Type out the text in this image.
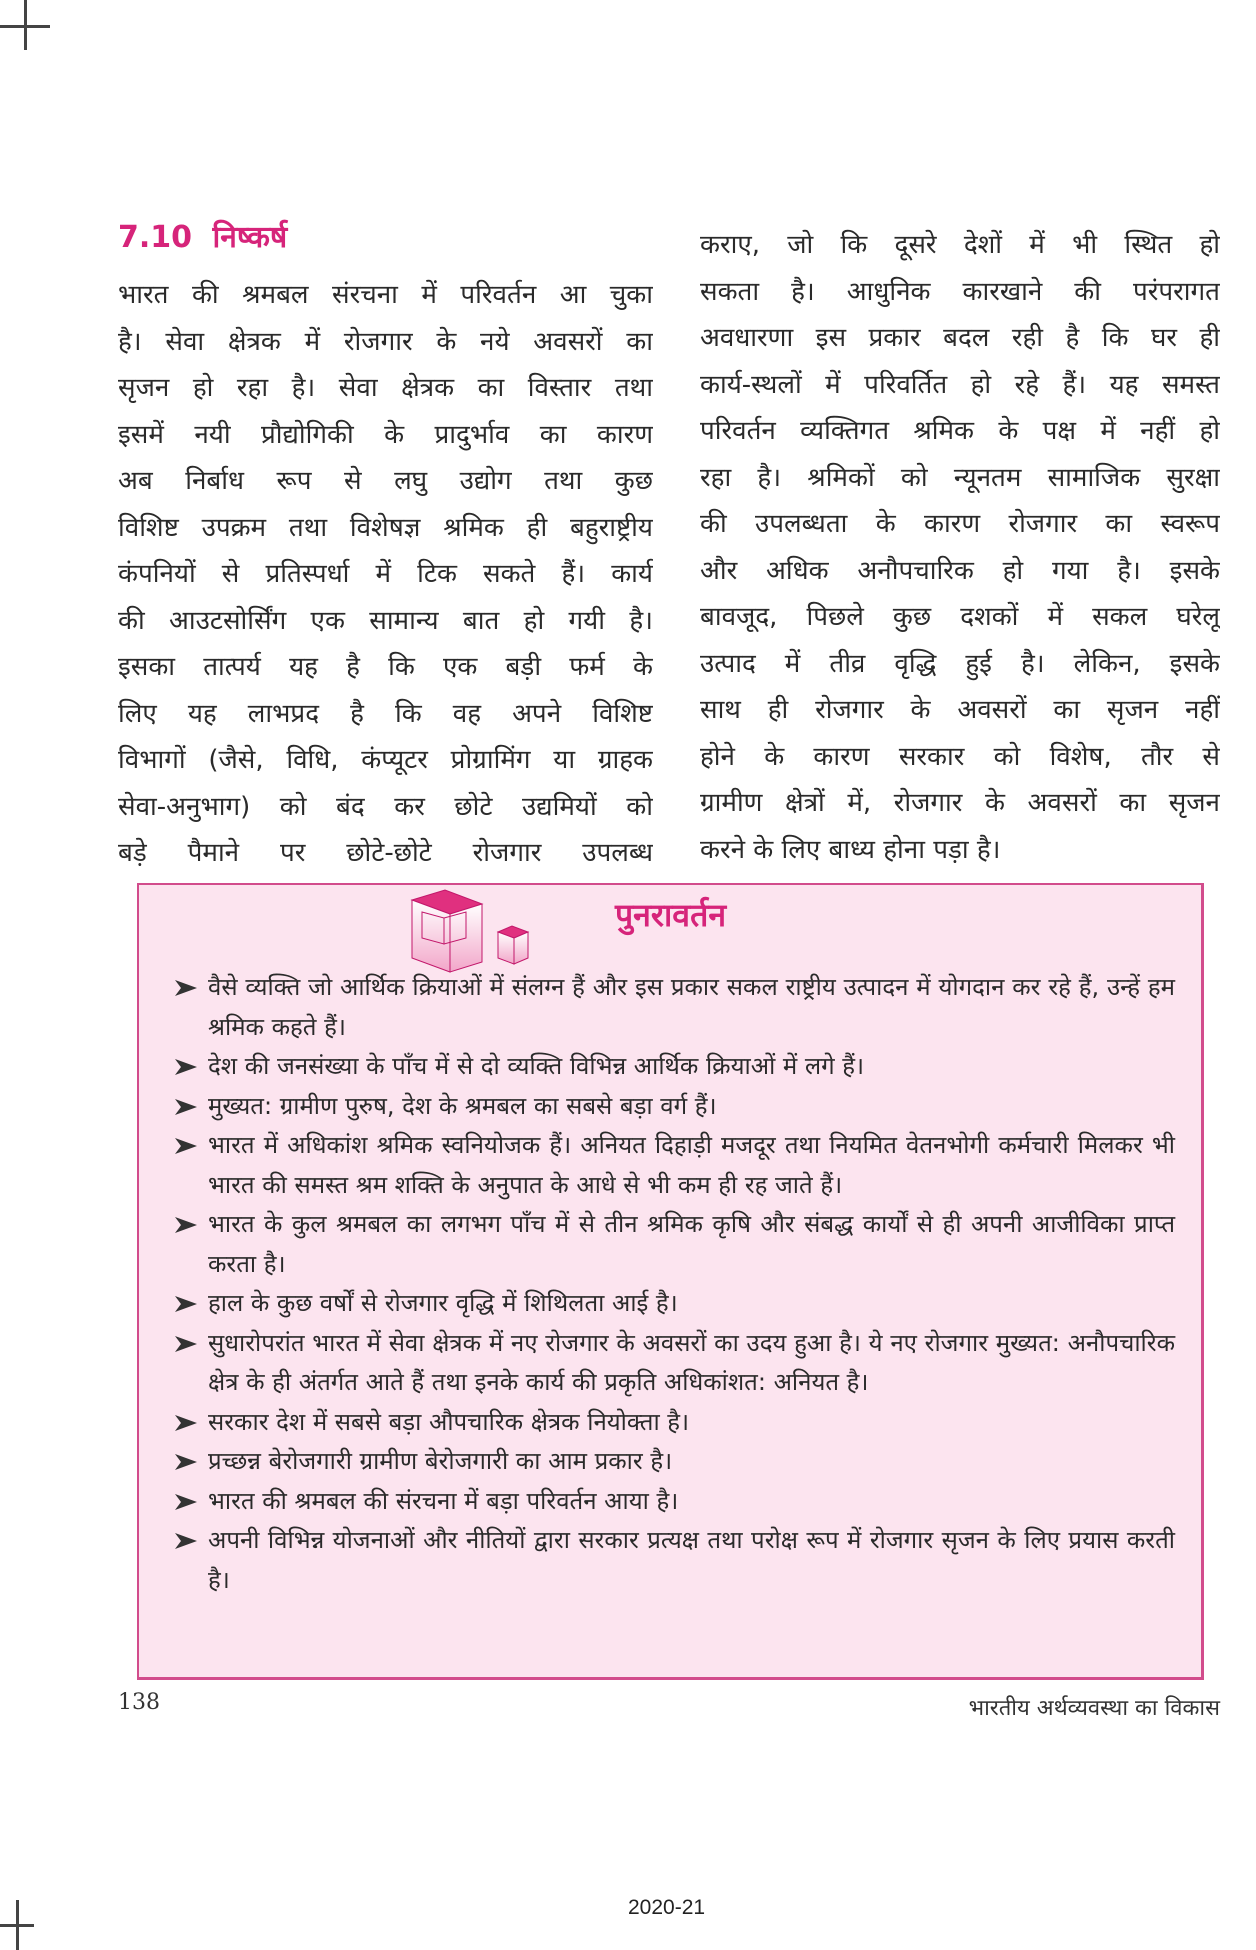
7.10 निष्कर्ष
भारत की श्रमबल संरचना में परिवर्तन आ चुका
है। सेवा क्षेत्रक में रोजगार के नये अवसरों का
सृजन हो रहा है। सेवा क्षेत्रक का विस्तार तथा
इसमें नयी प्रौद्योगिकी के प्रादुर्भाव का कारण
अब निर्बाध रूप से लघु उद्योग तथा कुछ
विशिष्ट उपक्रम तथा विशेषज्ञ श्रमिक ही बहुराष्ट्रीय
कंपनियों से प्रतिस्पर्धा में टिक सकते हैं। कार्य
की आउटसोर्सिंग एक सामान्य बात हो गयी है।
इसका तात्पर्य यह है कि एक बड़ी फर्म के
लिए यह लाभप्रद है कि वह अपने विशिष्ट
विभागों (जैसे, विधि, कंप्यूटर प्रोग्रामिंग या ग्राहक
सेवा-अनुभाग) को बंद कर छोटे उद्यमियों को
बड़े पैमाने पर छोटे-छोटे रोजगार उपलब्ध
कराए, जो कि दूसरे देशों में भी स्थित हो
सकता है। आधुनिक कारखाने की परंपरागत
अवधारणा इस प्रकार बदल रही है कि घर ही
कार्य-स्थलों में परिवर्तित हो रहे हैं। यह समस्त
परिवर्तन व्यक्तिगत श्रमिक के पक्ष में नहीं हो
रहा है। श्रमिकों को न्यूनतम सामाजिक सुरक्षा
की उपलब्धता के कारण रोजगार का स्वरूप
और अधिक अनौपचारिक हो गया है। इसके
बावजूद, पिछले कुछ दशकों में सकल घरेलू
उत्पाद में तीव्र वृद्धि हुई है। लेकिन, इसके
साथ ही रोजगार के अवसरों का सृजन नहीं
होने के कारण सरकार को विशेष, तौर से
ग्रामीण क्षेत्रों में, रोजगार के अवसरों का सृजन
करने के लिए बाध्य होना पड़ा है।
पुनरावर्तन
वैसे व्यक्ति जो आर्थिक क्रियाओं में संलग्न हैं और इस प्रकार सकल राष्ट्रीय उत्पादन में योगदान कर रहे हैं, उन्हें हम श्रमिक कहते हैं।
देश की जनसंख्या के पाँच में से दो व्यक्ति विभिन्न आर्थिक क्रियाओं में लगे हैं।
मुख्यत: ग्रामीण पुरुष, देश के श्रमबल का सबसे बड़ा वर्ग हैं।
भारत में अधिकांश श्रमिक स्वनियोजक हैं। अनियत दिहाड़ी मजदूर तथा नियमित वेतनभोगी कर्मचारी मिलकर भी भारत की समस्त श्रम शक्ति के अनुपात के आधे से भी कम ही रह जाते हैं।
भारत के कुल श्रमबल का लगभग पाँच में से तीन श्रमिक कृषि और संबद्ध कार्यों से ही अपनी आजीविका प्राप्त करता है।
हाल के कुछ वर्षों से रोजगार वृद्धि में शिथिलता आई है।
सुधारोपरांत भारत में सेवा क्षेत्रक में नए रोजगार के अवसरों का उदय हुआ है। ये नए रोजगार मुख्यत: अनौपचारिक क्षेत्र के ही अंतर्गत आते हैं तथा इनके कार्य की प्रकृति अधिकांशत: अनियत है।
सरकार देश में सबसे बड़ा औपचारिक क्षेत्रक नियोक्ता है।
प्रच्छन्न बेरोजगारी ग्रामीण बेरोजगारी का आम प्रकार है।
भारत की श्रमबल की संरचना में बड़ा परिवर्तन आया है।
अपनी विभिन्न योजनाओं और नीतियों द्वारा सरकार प्रत्यक्ष तथा परोक्ष रूप में रोजगार सृजन के लिए प्रयास करती है।
138	भारतीय अर्थव्यवस्था का विकास
2020-21
